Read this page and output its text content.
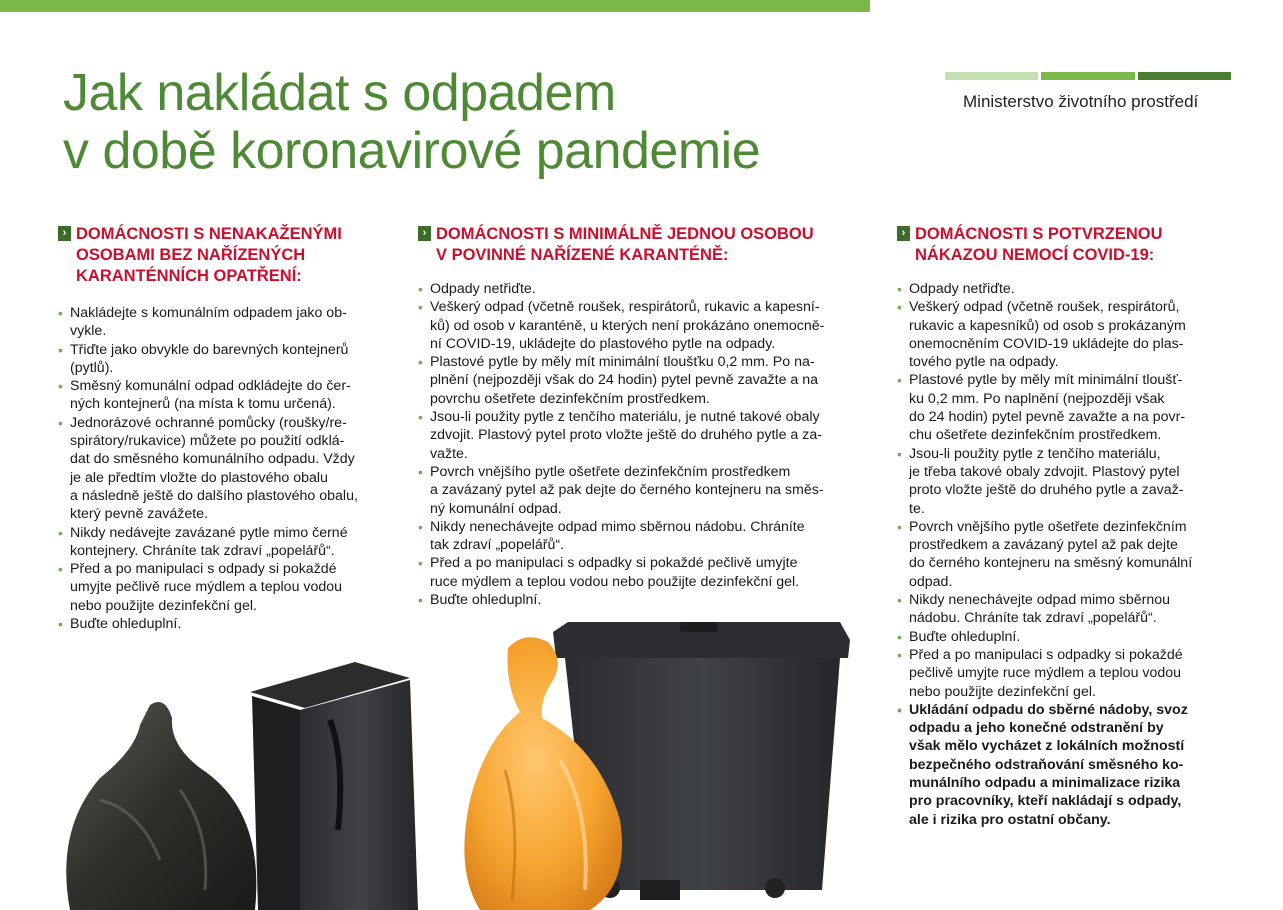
Ministerstvo životního prostředí
Jak nakládat s odpadem
v době koronavirové pandemie
› DOMÁCNOSTI S NENAKAŽENÝMI
OSOBAMI BEZ NAŘÍZENÝCH
KARANTÉNNÍCH OPATŘENÍ:
• Nakládejte s komunálním odpadem jako ob-
vykle.
• Třiďte jako obvykle do barevných kontejnerů
(pytlů).
• Směsný komunální odpad odkládejte do čer-
ných kontejnerů (na místa k tomu určená).
• Jednorázové ochranné pomůcky (roušky/re-
spirátory/rukavice) můžete po použití odklá-
dat do směsného komunálního odpadu. Vždy
je ale předtím vložte do plastového obalu
a následně ještě do dalšího plastového obalu,
který pevně zavážete.
• Nikdy nedávejte zavázané pytle mimo černé
kontejnery. Chráníte tak zdraví „popelářů“.
• Před a po manipulaci s odpady si pokaždé
umyjte pečlivě ruce mýdlem a teplou vodou
nebo použijte dezinfekční gel.
• Buďte ohleduplní.
› DOMÁCNOSTI S MINIMÁLNĚ JEDNOU OSOBOU
V POVINNÉ NAŘÍZENÉ KARANTÉNĚ:
• Odpady netřiďte.
• Veškerý odpad (včetně roušek, respirátorů, rukavic a kapesní-
ků) od osob v karanténě, u kterých není prokázáno onemocně-
ní COVID-19, ukládejte do plastového pytle na odpady.
• Plastové pytle by měly mít minimální tloušťku 0,2 mm. Po na-
plnění (nejpozději však do 24 hodin) pytel pevně zavažte a na
povrchu ošetřete dezinfekčním prostředkem.
• Jsou-li použity pytle z tenčího materiálu, je nutné takové obaly
zdvojit. Plastový pytel proto vložte ještě do druhého pytle a za-
važte.
• Povrch vnějšího pytle ošetřete dezinfekčním prostředkem
a zavázaný pytel až pak dejte do černého kontejneru na směs-
ný komunální odpad.
• Nikdy nenechávejte odpad mimo sběrnou nádobu. Chráníte
tak zdraví „popelářů“.
• Před a po manipulaci s odpadky si pokaždé pečlivě umyjte
ruce mýdlem a teplou vodou nebo použijte dezinfekční gel.
• Buďte ohleduplní.
› DOMÁCNOSTI S POTVRZENOU
NÁKAZOU NEMOCÍ COVID-19:
• Odpady netřiďte.
• Veškerý odpad (včetně roušek, respirátorů,
rukavic a kapesníků) od osob s prokázaným
onemocněním COVID-19 ukládejte do plas-
tového pytle na odpady.
• Plastové pytle by měly mít minimální tloušť-
ku 0,2 mm. Po naplnění (nejpozději však
do 24 hodin) pytel pevně zavažte a na povr-
chu ošetřete dezinfekčním prostředkem.
• Jsou-li použity pytle z tenčího materiálu,
je třeba takové obaly zdvojit. Plastový pytel
proto vložte ještě do druhého pytle a zavaž-
te.
• Povrch vnějšího pytle ošetřete dezinfekčním
prostředkem a zavázaný pytel až pak dejte
do černého kontejneru na směsný komunální
odpad.
• Nikdy nenechávejte odpad mimo sběrnou
nádobu. Chráníte tak zdraví „popelářů“.
• Buďte ohleduplní.
• Před a po manipulaci s odpadky si pokaždé
pečlivě umyjte ruce mýdlem a teplou vodou
nebo použijte dezinfekční gel.
• Ukládání odpadu do sběrné nádoby, svoz
odpadu a jeho konečné odstranění by
však mělo vycházet z lokálních možností
bezpečného odstraňování směsného ko-
munálního odpadu a minimalizace rizika
pro pracovníky, kteří nakládají s odpady,
ale i rizika pro ostatní občany.
